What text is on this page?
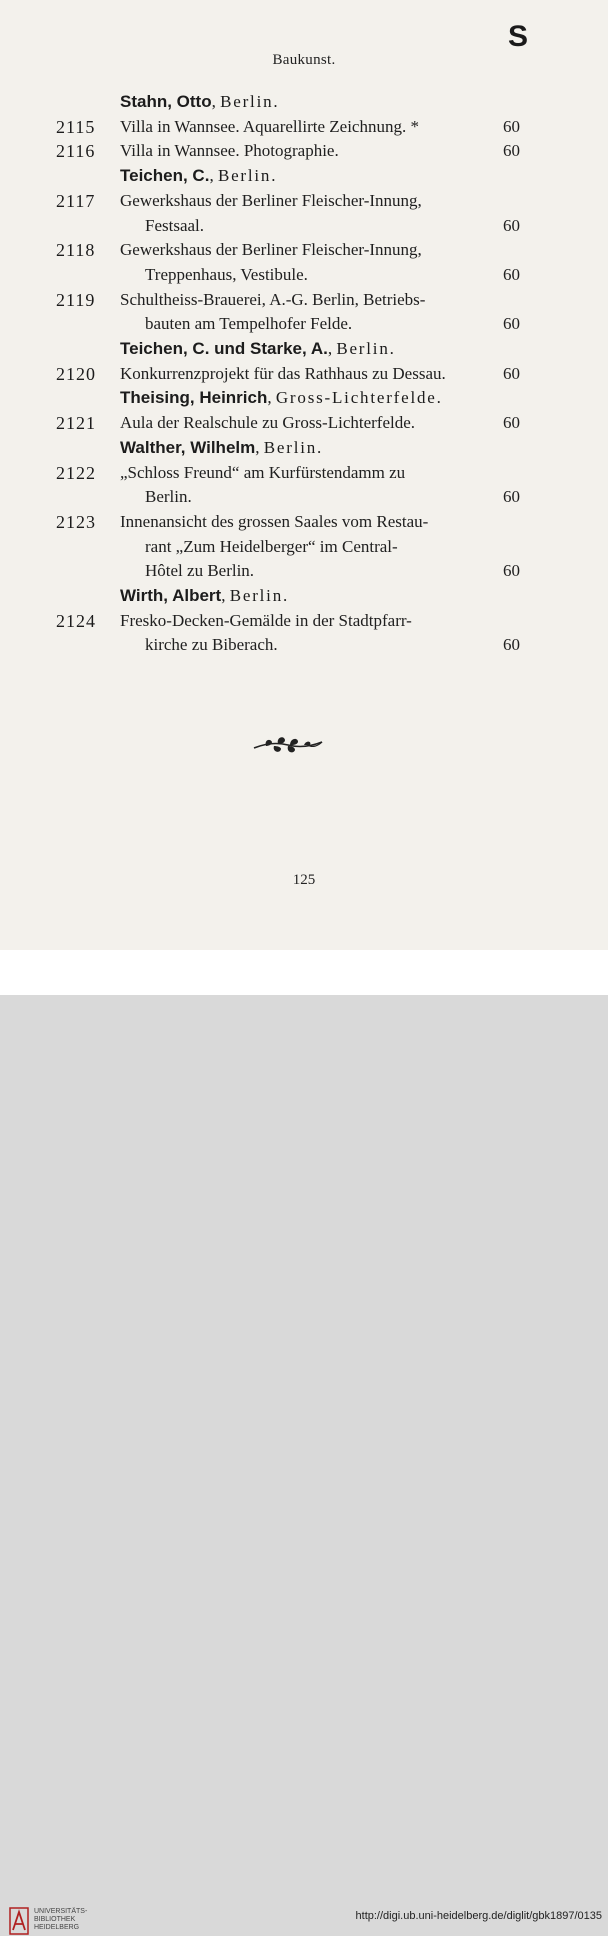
S
Baukunst.
Stahn, Otto, Berlin.
2115 Villa in Wannsee. Aquarellirte Zeichnung. *	60
2116 Villa in Wannsee. Photographie.	60
Teichen, C., Berlin.
2117 Gewerkshaus der Berliner Fleischer-Innung,
Festsaal.	60
2118 Gewerkshaus der Berliner Fleischer-Innung,
Treppenhaus, Vestibule.	60
2119 Schultheiss-Brauerei, A.-G. Berlin, Betriebs-
bauten am Tempelhofer Felde.	60
Teichen, C. und Starke, A., Berlin.
2120 Konkurrenzprojekt für das Rathhaus zu Dessau.	60
Theising, Heinrich, Gross-Lichterfelde.
2121 Aula der Realschule zu Gross-Lichterfelde.	60
Walther, Wilhelm, Berlin.
2122 „Schloss Freund“ am Kurfürstendamm zu
Berlin.	60
2123 Innenansicht des grossen Saales vom Restau-
rant „Zum Heidelberger“ im Central-
Hôtel zu Berlin.	60
Wirth, Albert, Berlin.
2124 Fresko-Decken-Gemälde in der Stadtpfarr-
kirche zu Biberach.	60
125
UNIVERSITÄTS-
BIBLIOTHEK
HEIDELBERG
http://digi.ub.uni-heidelberg.de/diglit/gbk1897/0135
